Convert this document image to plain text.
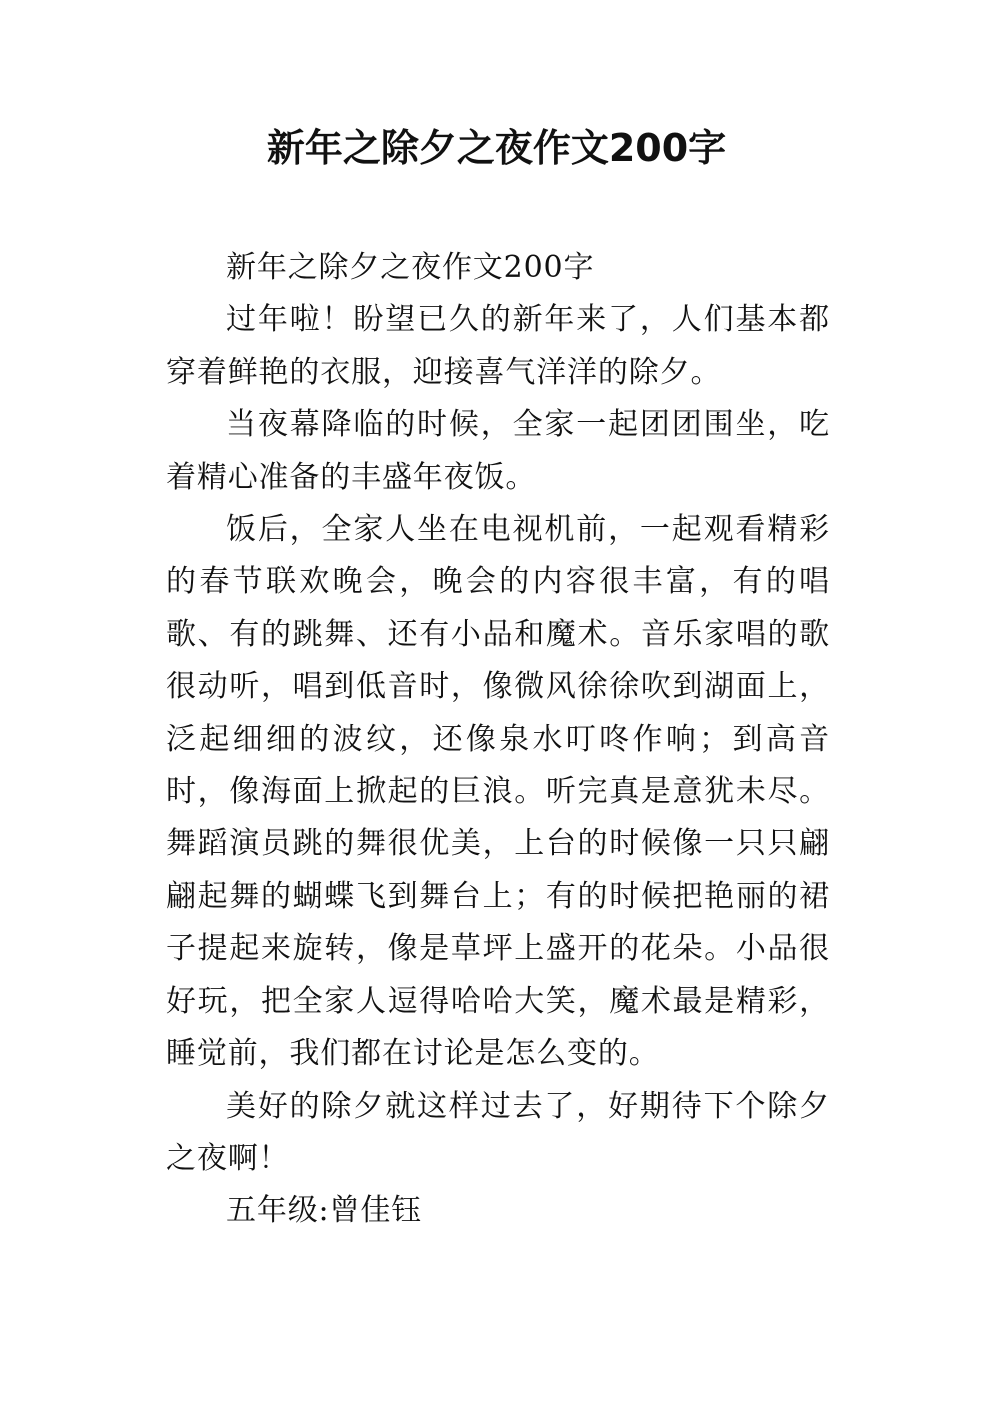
新年之除夕之夜作文200字

新年之除夕之夜作文200字

过年啦！盼望已久的新年来了，人们基本都穿着鲜艳的衣服，迎接喜气洋洋的除夕。

当夜幕降临的时候，全家一起团团围坐，吃着精心准备的丰盛年夜饭。

饭后，全家人坐在电视机前，一起观看精彩的春节联欢晚会，晚会的内容很丰富，有的唱歌、有的跳舞、还有小品和魔术。音乐家唱的歌很动听，唱到低音时，像微风徐徐吹到湖面上，泛起细细的波纹，还像泉水叮咚作响；到高音时，像海面上掀起的巨浪。听完真是意犹未尽。舞蹈演员跳的舞很优美，上台的时候像一只只翩翩起舞的蝴蝶飞到舞台上；有的时候把艳丽的裙子提起来旋转，像是草坪上盛开的花朵。小品很好玩，把全家人逗得哈哈大笑，魔术最是精彩，睡觉前，我们都在讨论是怎么变的。

美好的除夕就这样过去了，好期待下个除夕之夜啊！

五年级:曾佳钰
